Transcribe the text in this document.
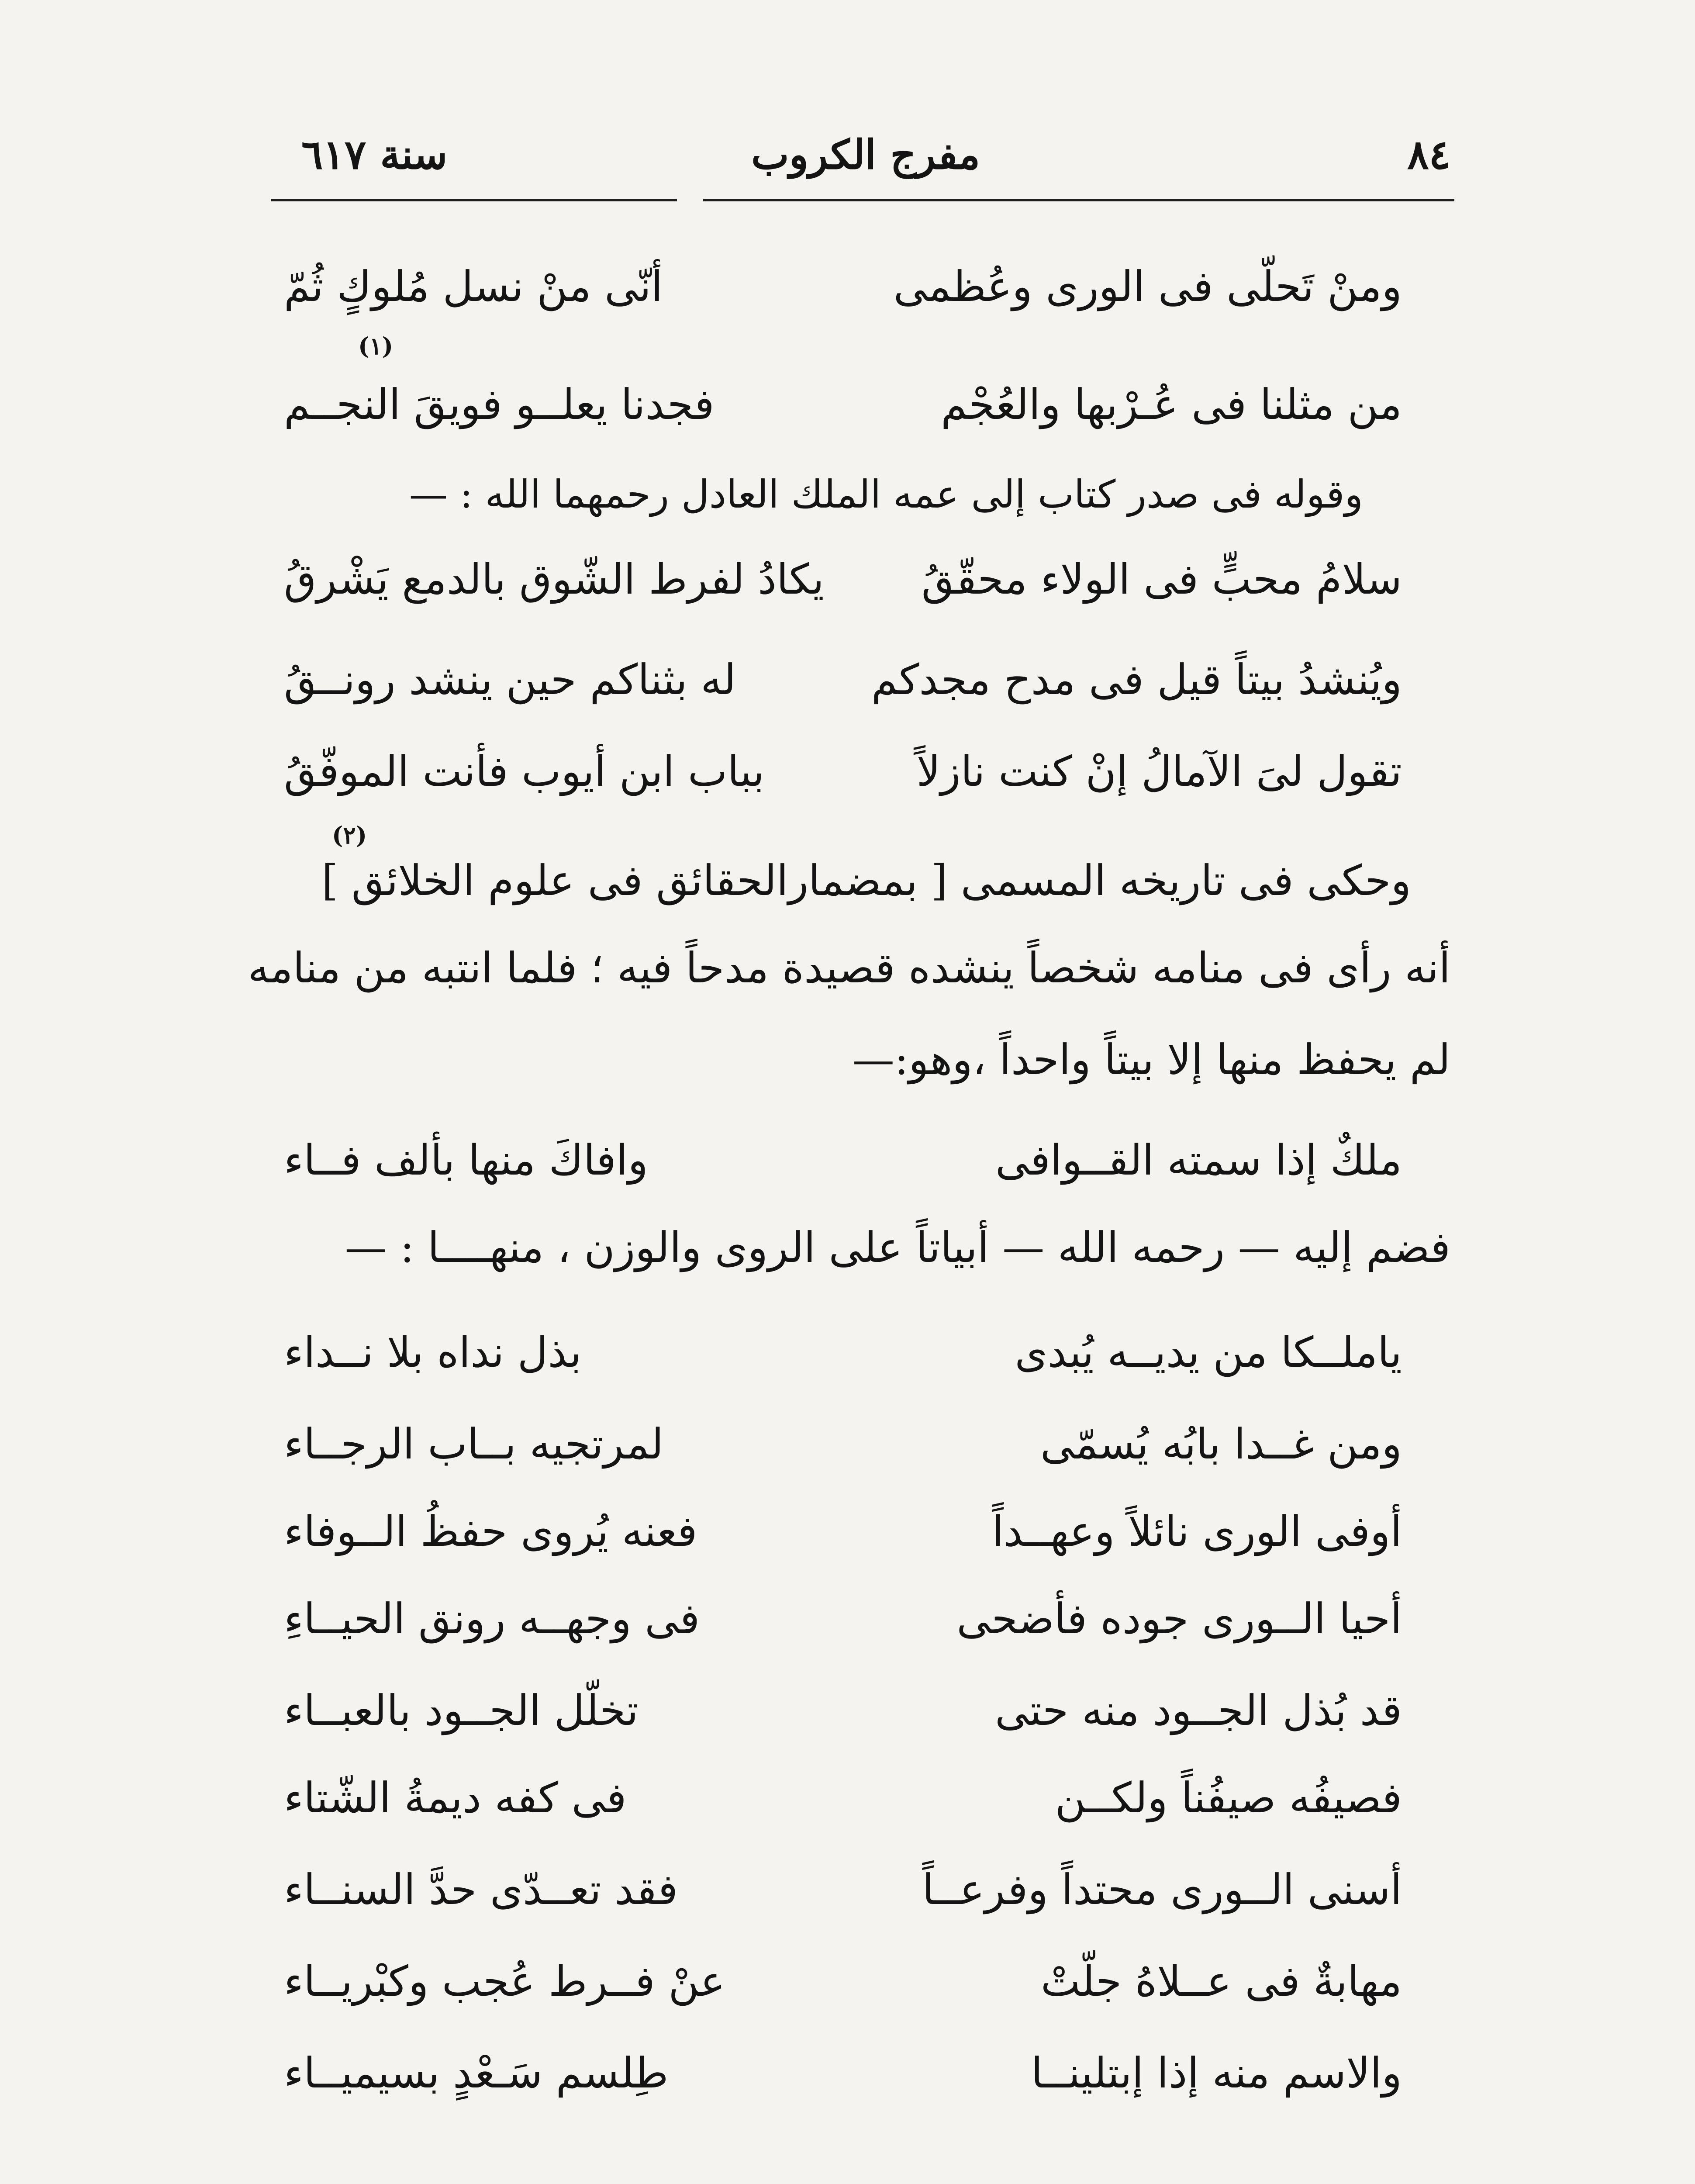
٨٤
مفرج الكروب
سنة ٦١٧
ومنْ تَحلّى فى الورى وعُظمى
أنّى منْ نسل مُلوكٍ ثُمّ
(١)
من مثلنا فى عُـرْبها والعُجْم
فجدنا يعلــو فويقَ النجــم
وقوله فى صدر كتاب إلى عمه الملك العادل رحمهما الله : —
سلامُ محبٍّ فى الولاء محقّقُ
يكادُ لفرط الشّوق بالدمع يَشْرقُ
ويُنشدُ بيتاً قيل فى مدح مجدكم
له بثناكم حين ينشد رونــقُ
تقول لىَ الآمالُ إنْ كنت نازلاً
بباب ابن أيوب فأنت الموفّقُ
(٢)
وحكى فى تاريخه المسمى [ بمضمارالحقائق فى علوم الخلائق ]
أنه رأى فى منامه شخصاً ينشده قصيدة مدحاً فيه ؛ فلما انتبه من منامه
لم يحفظ منها إلا بيتاً واحداً ،وهو:—
ملكٌ إذا سمته القــوافى
وافاكَ منها بألف فــاء
فضم إليه — رحمه الله — أبياتاً على الروى والوزن ، منهــــا : —
ياملــكا من يديــه يُبدى
بذل نداه بلا نــداء
ومن غــدا بابُه يُسمّى
لمرتجيه بــاب الرجــاء
أوفى الورى نائلاً وعهــداً
فعنه يُروى حفظُ الــوفاء
أحيا الــورى جوده فأضحى
فى وجهــه رونق الحيــاءِ
قد بُذل الجــود منه حتى
تخلّل الجــود بالعبــاء
فصيفُه صيفُناً ولكــن
فى كفه ديمةُ الشّتاء
أسنى الــورى محتداً وفرعــاً
فقد تعــدّى حدَّ السنــاء
مهابةٌ فى عــلاهُ جلّتْ
عنْ فــرط عُجب وكبْريــاء
والاسم منه إذا إبتلينــا
طِلسم سَـعْدٍ بسيميــاء
